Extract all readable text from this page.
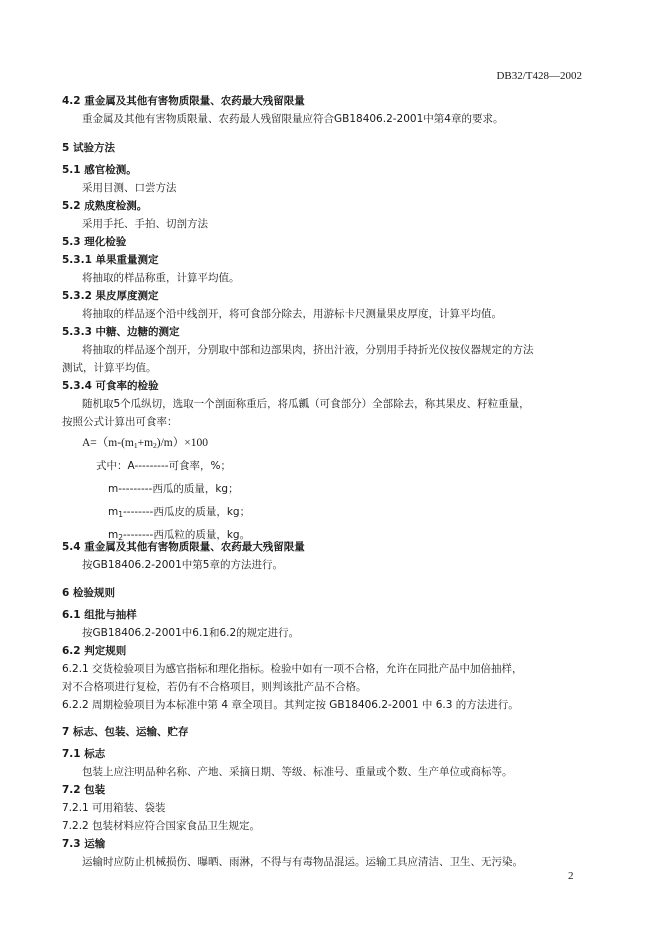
DB32/T428—2002
4.2 重金属及其他有害物质限量、农药最大残留限量
重金属及其他有害物质限量、农药最人残留限量应符合GB18406.2-2001中第4章的要求。
5 试验方法
5.1 感官检测。
采用目测、口尝方法
5.2 成熟度检测。
采用手托、手拍、切剖方法
5.3 理化检验
5.3.1 单果重量测定
将抽取的样品称重，计算平均值。
5.3.2 果皮厚度测定
将抽取的样品逐个沿中线剖开，将可食部分除去，用游标卡尺测量果皮厚度，计算平均值。
5.3.3 中糖、边糖的测定
将抽取的样品逐个剖开，分别取中部和边部果肉，挤出汁液，分别用手持折光仪按仪器规定的方法
测试，计算平均值。
5.3.4 可食率的检验
随机取5个瓜纵切，选取一个剖面称重后，将瓜瓤（可食部分）全部除去，称其果皮、籽粒重量，
按照公式计算出可食率：
$A=(m-(m_1+m_2)/m)\times 100$
式中：A---------可食率，%；
m---------西瓜的质量，kg；
$m_1--------$西瓜皮的质量，kg；
$m_2--------$西瓜粒的质量，kg。
5.4 重金属及其他有害物质限量、农药最大残留限量
按GB18406.2-2001中第5章的方法进行。
6 检验规则
6.1 组批与抽样
按GB18406.2-2001中6.1和6.2的规定进行。
6.2 判定规则
6.2.1 交货检验项目为感官指标和理化指标。检验中如有一项不合格，允许在同批产品中加倍抽样，
对不合格项进行复检，若仍有不合格项目，则判该批产品不合格。
6.2.2 周期检验项目为本标准中第 4 章全项目。其判定按 GB18406.2-2001 中 6.3 的方法进行。
7 标志、包装、运输、贮存
7.1 标志
包装上应注明品种名称、产地、采摘日期、等级、标准号、重量或个数、生产单位或商标等。
7.2 包装
7.2.1 可用箱装、袋装
7.2.2 包装材料应符合国家食品卫生规定。
7.3 运输
运输时应防止机械损伤、曝晒、雨淋，不得与有毒物品混运。运输工具应清洁、卫生、无污染。
2
